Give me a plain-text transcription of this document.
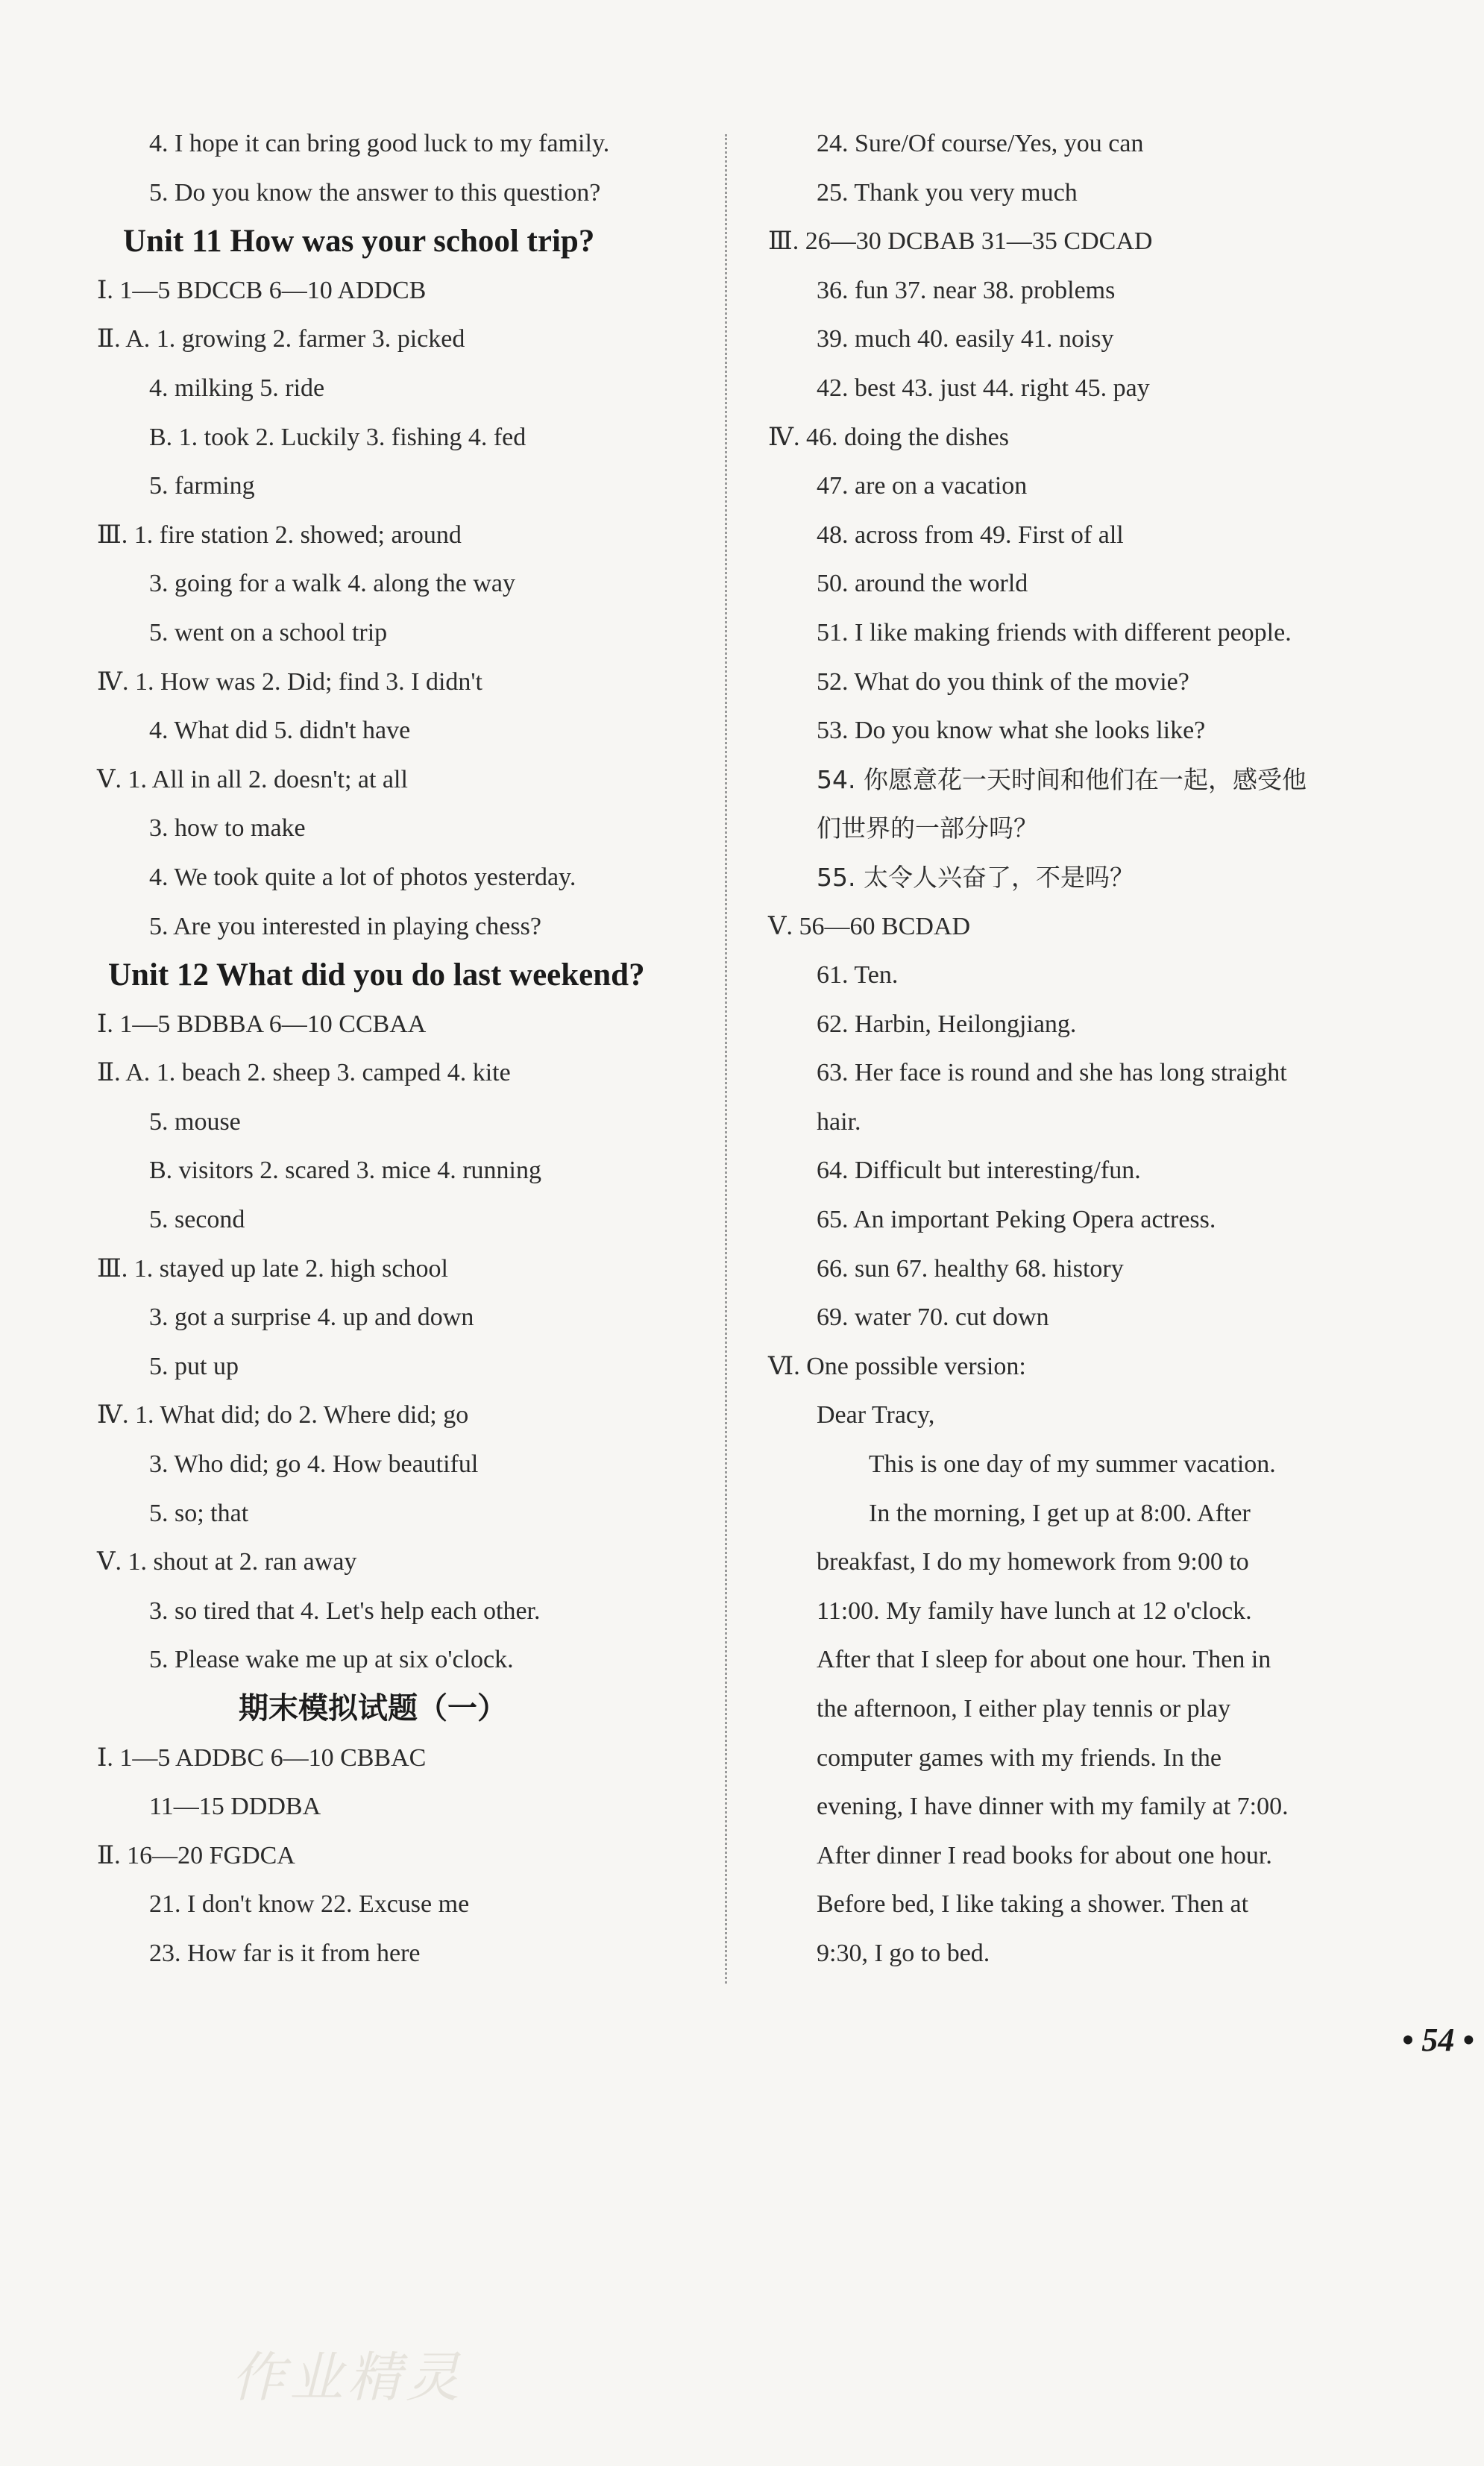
4. I hope it can bring good luck to my family.
5. Do you know the answer to this question?
Unit 11 How was your school trip?
Ⅰ. 1—5 BDCCB 6—10 ADDCB
Ⅱ. A. 1. growing 2. farmer 3. picked
4. milking 5. ride
B. 1. took 2. Luckily 3. fishing 4. fed
5. farming
Ⅲ. 1. fire station 2. showed; around
3. going for a walk 4. along the way
5. went on a school trip
Ⅳ. 1. How was 2. Did; find 3. I didn't
4. What did 5. didn't have
Ⅴ. 1. All in all 2. doesn't; at all
3. how to make
4. We took quite a lot of photos yesterday.
5. Are you interested in playing chess?
Unit 12 What did you do last weekend?
Ⅰ. 1—5 BDBBA 6—10 CCBAA
Ⅱ. A. 1. beach 2. sheep 3. camped 4. kite
5. mouse
B. visitors 2. scared 3. mice 4. running
5. second
Ⅲ. 1. stayed up late 2. high school
3. got a surprise 4. up and down
5. put up
Ⅳ. 1. What did; do 2. Where did; go
3. Who did; go 4. How beautiful
5. so; that
Ⅴ. 1. shout at 2. ran away
3. so tired that 4. Let's help each other.
5. Please wake me up at six o'clock.
期末模拟试题（一）
Ⅰ. 1—5 ADDBC 6—10 CBBAC
11—15 DDDBA
Ⅱ. 16—20 FGDCA
21. I don't know 22. Excuse me
23. How far is it from here
24. Sure/Of course/Yes, you can
25. Thank you very much
Ⅲ. 26—30 DCBAB 31—35 CDCAD
36. fun 37. near 38. problems
39. much 40. easily 41. noisy
42. best 43. just 44. right 45. pay
Ⅳ. 46. doing the dishes
47. are on a vacation
48. across from 49. First of all
50. around the world
51. I like making friends with different people.
52. What do you think of the movie?
53. Do you know what she looks like?
54. 你愿意花一天时间和他们在一起，感受他
们世界的一部分吗？
55. 太令人兴奋了，不是吗？
Ⅴ. 56—60 BCDAD
61. Ten.
62. Harbin, Heilongjiang.
63. Her face is round and she has long straight
hair.
64. Difficult but interesting/fun.
65. An important Peking Opera actress.
66. sun 67. healthy 68. history
69. water 70. cut down
Ⅵ. One possible version:
Dear Tracy,
This is one day of my summer vacation.
In the morning, I get up at 8:00. After
breakfast, I do my homework from 9:00 to
11:00. My family have lunch at 12 o'clock.
After that I sleep for about one hour. Then in
the afternoon, I either play tennis or play
computer games with my friends. In the
evening, I have dinner with my family at 7:00.
After dinner I read books for about one hour.
Before bed, I like taking a shower. Then at
9:30, I go to bed.
• 54 •
作业精灵
